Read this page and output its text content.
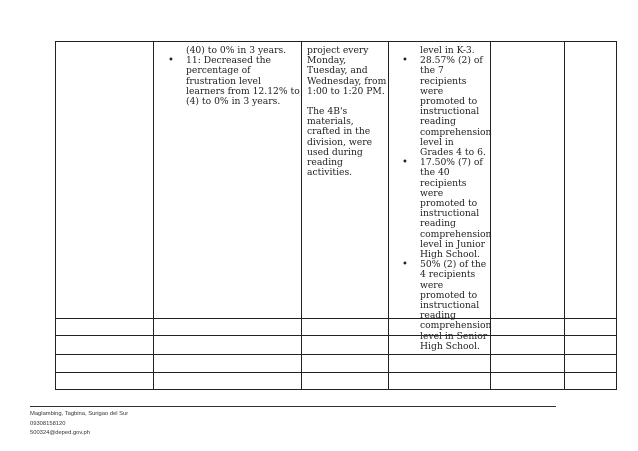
(40) to 0% in 3 years.
• 11: Decreased the percentage of frustration level learners from 12.12% to (4) to 0% in 3 years.

project every Monday, Tuesday, and Wednesday, from 1:00 to 1:20 PM.

The 4B's materials, crafted in the division, were used during reading activities.

level in K-3.
• 28.57% (2) of the 7 recipients were promoted to instructional reading comprehension level in Grades 4 to 6.
• 17.50% (7) of the 40 recipients were promoted to instructional reading comprehension level in Junior High School.
• 50% (2) of the 4 recipients were promoted to instructional reading comprehension level in Senior High School.
Maglambing, Tagbina, Surigao del Sur
09308158120
500324@deped.gov.ph
